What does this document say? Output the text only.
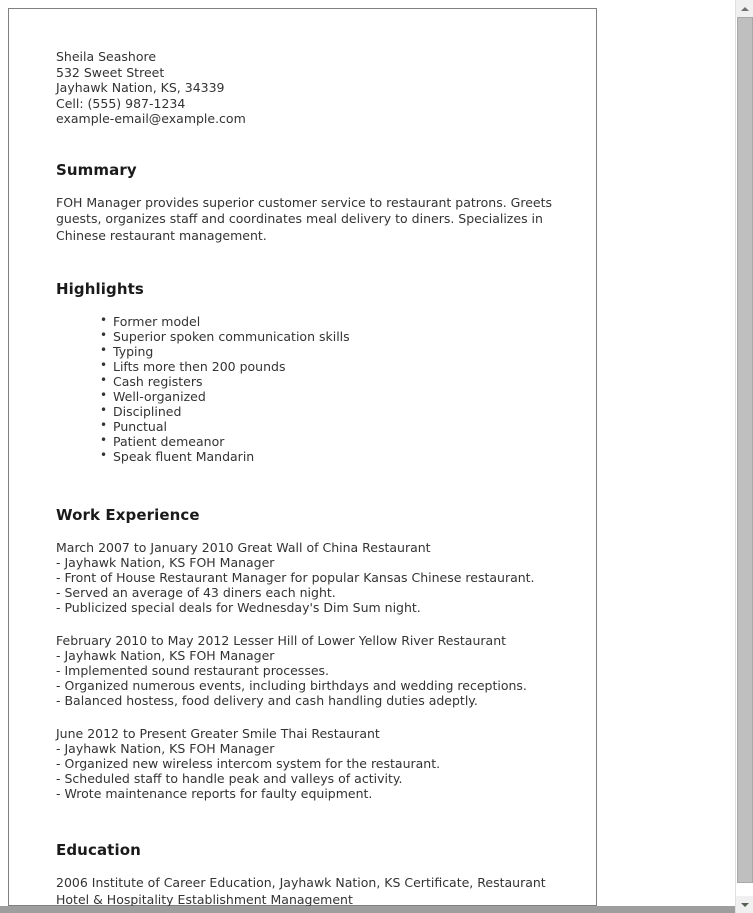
Sheila Seashore
532 Sweet Street
Jayhawk Nation, KS, 34339
Cell: (555) 987-1234
example-email@example.com
Summary

FOH Manager provides superior customer service to restaurant patrons. Greets guests, organizes staff and coordinates meal delivery to diners. Specializes in Chinese restaurant management.

Highlights
• Former model
• Superior spoken communication skills
• Typing
• Lifts more then 200 pounds
• Cash registers
• Well-organized
• Disciplined
• Punctual
• Patient demeanor
• Speak fluent Mandarin
Work Experience

March 2007 to January 2010 Great Wall of China Restaurant

- Jayhawk Nation, KS FOH Manager

- Front of House Restaurant Manager for popular Kansas Chinese restaurant.

- Served an average of 43 diners each night.

- Publicized special deals for Wednesday's Dim Sum night.

February 2010 to May 2012 Lesser Hill of Lower Yellow River Restaurant

- Jayhawk Nation, KS FOH Manager

- Implemented sound restaurant processes.

- Organized numerous events, including birthdays and wedding receptions.

- Balanced hostess, food delivery and cash handling duties adeptly.

June 2012 to Present Greater Smile Thai Restaurant

- Jayhawk Nation, KS FOH Manager

- Organized new wireless intercom system for the restaurant.

- Scheduled staff to handle peak and valleys of activity.

- Wrote maintenance reports for faulty equipment.

Education

2006 Institute of Career Education, Jayhawk Nation, KS Certificate, Restaurant Hotel & Hospitality Establishment Management
